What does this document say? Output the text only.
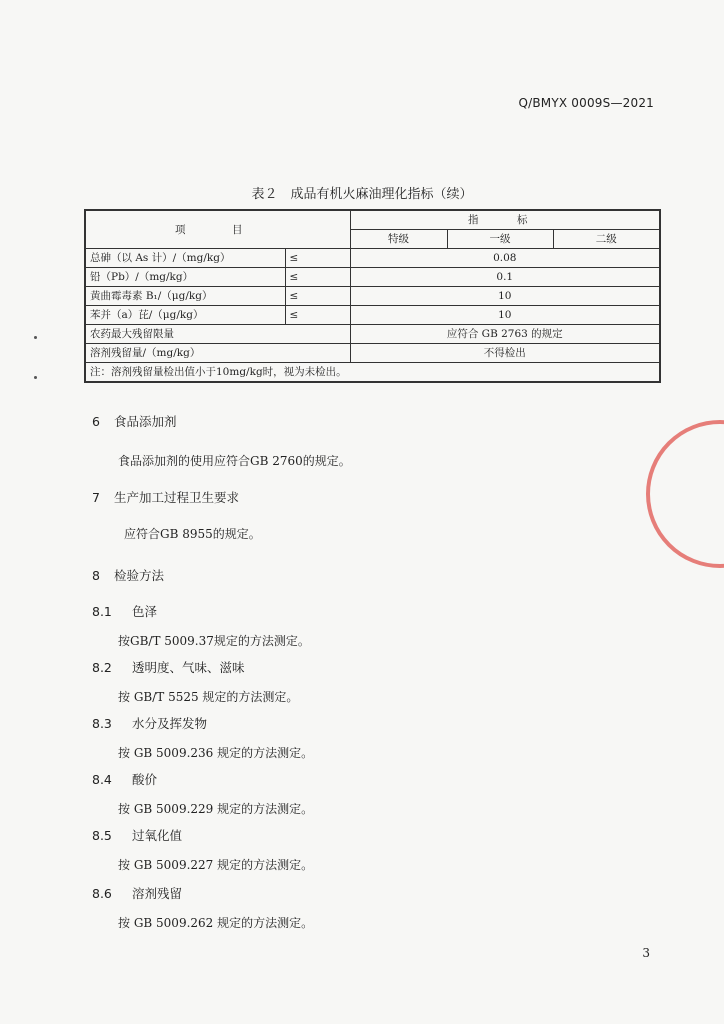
Q/BMYX 0009S—2021
表２　成品有机火麻油理化指标（续）
项　目		指　标		
		特级	一级	二级
总砷（以 As 计）/（mg/kg）	≤	0.08		
铅（Pb）/（mg/kg）	≤	0.1		
黄曲霉毒素 B₁/（μg/kg）	≤	10		
苯并（a）芘/（μg/kg）	≤	10		
农药最大残留限量		应符合 GB 2763 的规定		
溶剂残留量/（mg/kg）		不得检出		
注：溶剂残留量检出值小于10mg/kg时，视为未检出。				
6 食品添加剂
食品添加剂的使用应符合GB 2760的规定。
7 生产加工过程卫生要求
应符合GB 8955的规定。
8 检验方法
8.1 色泽
按GB/T 5009.37规定的方法测定。
8.2 透明度、气味、滋味
按 GB/T 5525 规定的方法测定。
8.3 水分及挥发物
按 GB 5009.236 规定的方法测定。
8.4 酸价
按 GB 5009.229 规定的方法测定。
8.5 过氧化值
按 GB 5009.227 规定的方法测定。
8.6 溶剂残留
按 GB 5009.262 规定的方法测定。
3
